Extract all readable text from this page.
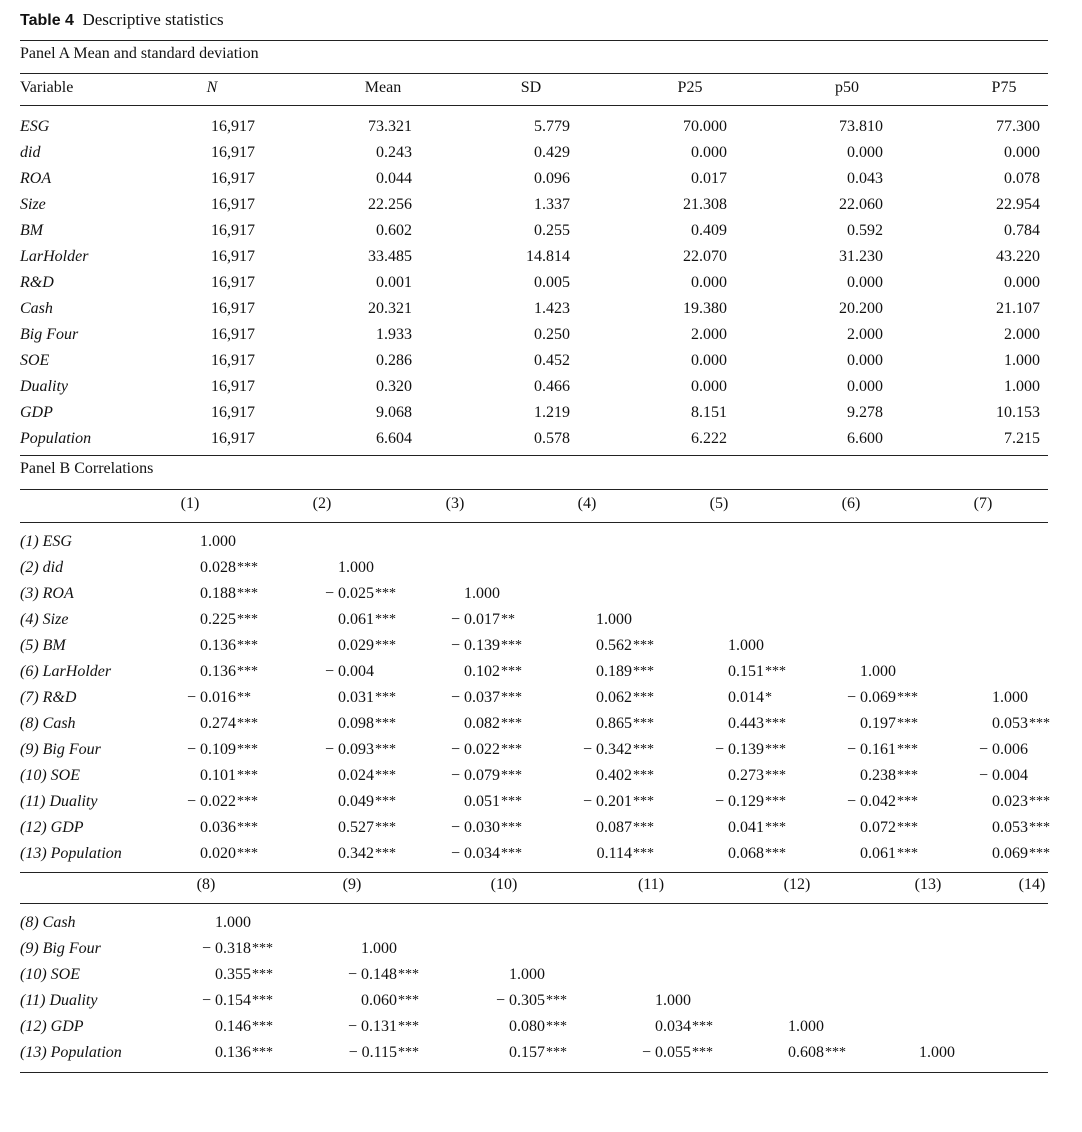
Table 4 Descriptive statistics
Panel A Mean and standard deviation
Variable	N	Mean	SD	P25	p50	P75
ESG	16,917	73.321	5.779	70.000	73.810	77.300
did	16,917	0.243	0.429	0.000	0.000	0.000
ROA	16,917	0.044	0.096	0.017	0.043	0.078
Size	16,917	22.256	1.337	21.308	22.060	22.954
BM	16,917	0.602	0.255	0.409	0.592	0.784
LarHolder	16,917	33.485	14.814	22.070	31.230	43.220
R&D	16,917	0.001	0.005	0.000	0.000	0.000
Cash	16,917	20.321	1.423	19.380	20.200	21.107
Big Four	16,917	1.933	0.250	2.000	2.000	2.000
SOE	16,917	0.286	0.452	0.000	0.000	1.000
Duality	16,917	0.320	0.466	0.000	0.000	1.000
GDP	16,917	9.068	1.219	8.151	9.278	10.153
Population	16,917	6.604	0.578	6.222	6.600	7.215
Panel B Correlations
(1)	(2)	(3)	(4)	(5)	(6)	(7)
(1) ESG	1.000
(2) did	0.028 ***	1.000
(3) ROA	0.188 ***	− 0.025 ***	1.000
(4) Size	0.225 ***	0.061 ***	− 0.017 **	1.000
(5) BM	0.136 ***	0.029 ***	− 0.139 ***	0.562 ***	1.000
(6) LarHolder	0.136 ***	− 0.004	0.102 ***	0.189 ***	0.151 ***	1.000
(7) R&D	− 0.016 **	0.031 ***	− 0.037 ***	0.062 ***	0.014 *	− 0.069 ***	1.000
(8) Cash	0.274 ***	0.098 ***	0.082 ***	0.865 ***	0.443 ***	0.197 ***	0.053 ***
(9) Big Four	− 0.109 ***	− 0.093 ***	− 0.022 ***	− 0.342 ***	− 0.139 ***	− 0.161 ***	− 0.006
(10) SOE	0.101 ***	0.024 ***	− 0.079 ***	0.402 ***	0.273 ***	0.238 ***	− 0.004
(11) Duality	− 0.022 ***	0.049 ***	0.051 ***	− 0.201 ***	− 0.129 ***	− 0.042 ***	0.023 ***
(12) GDP	0.036 ***	0.527 ***	− 0.030 ***	0.087 ***	0.041 ***	0.072 ***	0.053 ***
(13) Population	0.020 ***	0.342 ***	− 0.034 ***	0.114 ***	0.068 ***	0.061 ***	0.069 ***
(8)	(9)	(10)	(11)	(12)	(13)	(14)
(8) Cash	1.000
(9) Big Four	− 0.318 ***	1.000
(10) SOE	0.355 ***	− 0.148 ***	1.000
(11) Duality	− 0.154 ***	0.060 ***	− 0.305 ***	1.000
(12) GDP	0.146 ***	− 0.131 ***	0.080 ***	0.034 ***	1.000
(13) Population	0.136 ***	− 0.115 ***	0.157 ***	− 0.055 ***	0.608 ***	1.000
